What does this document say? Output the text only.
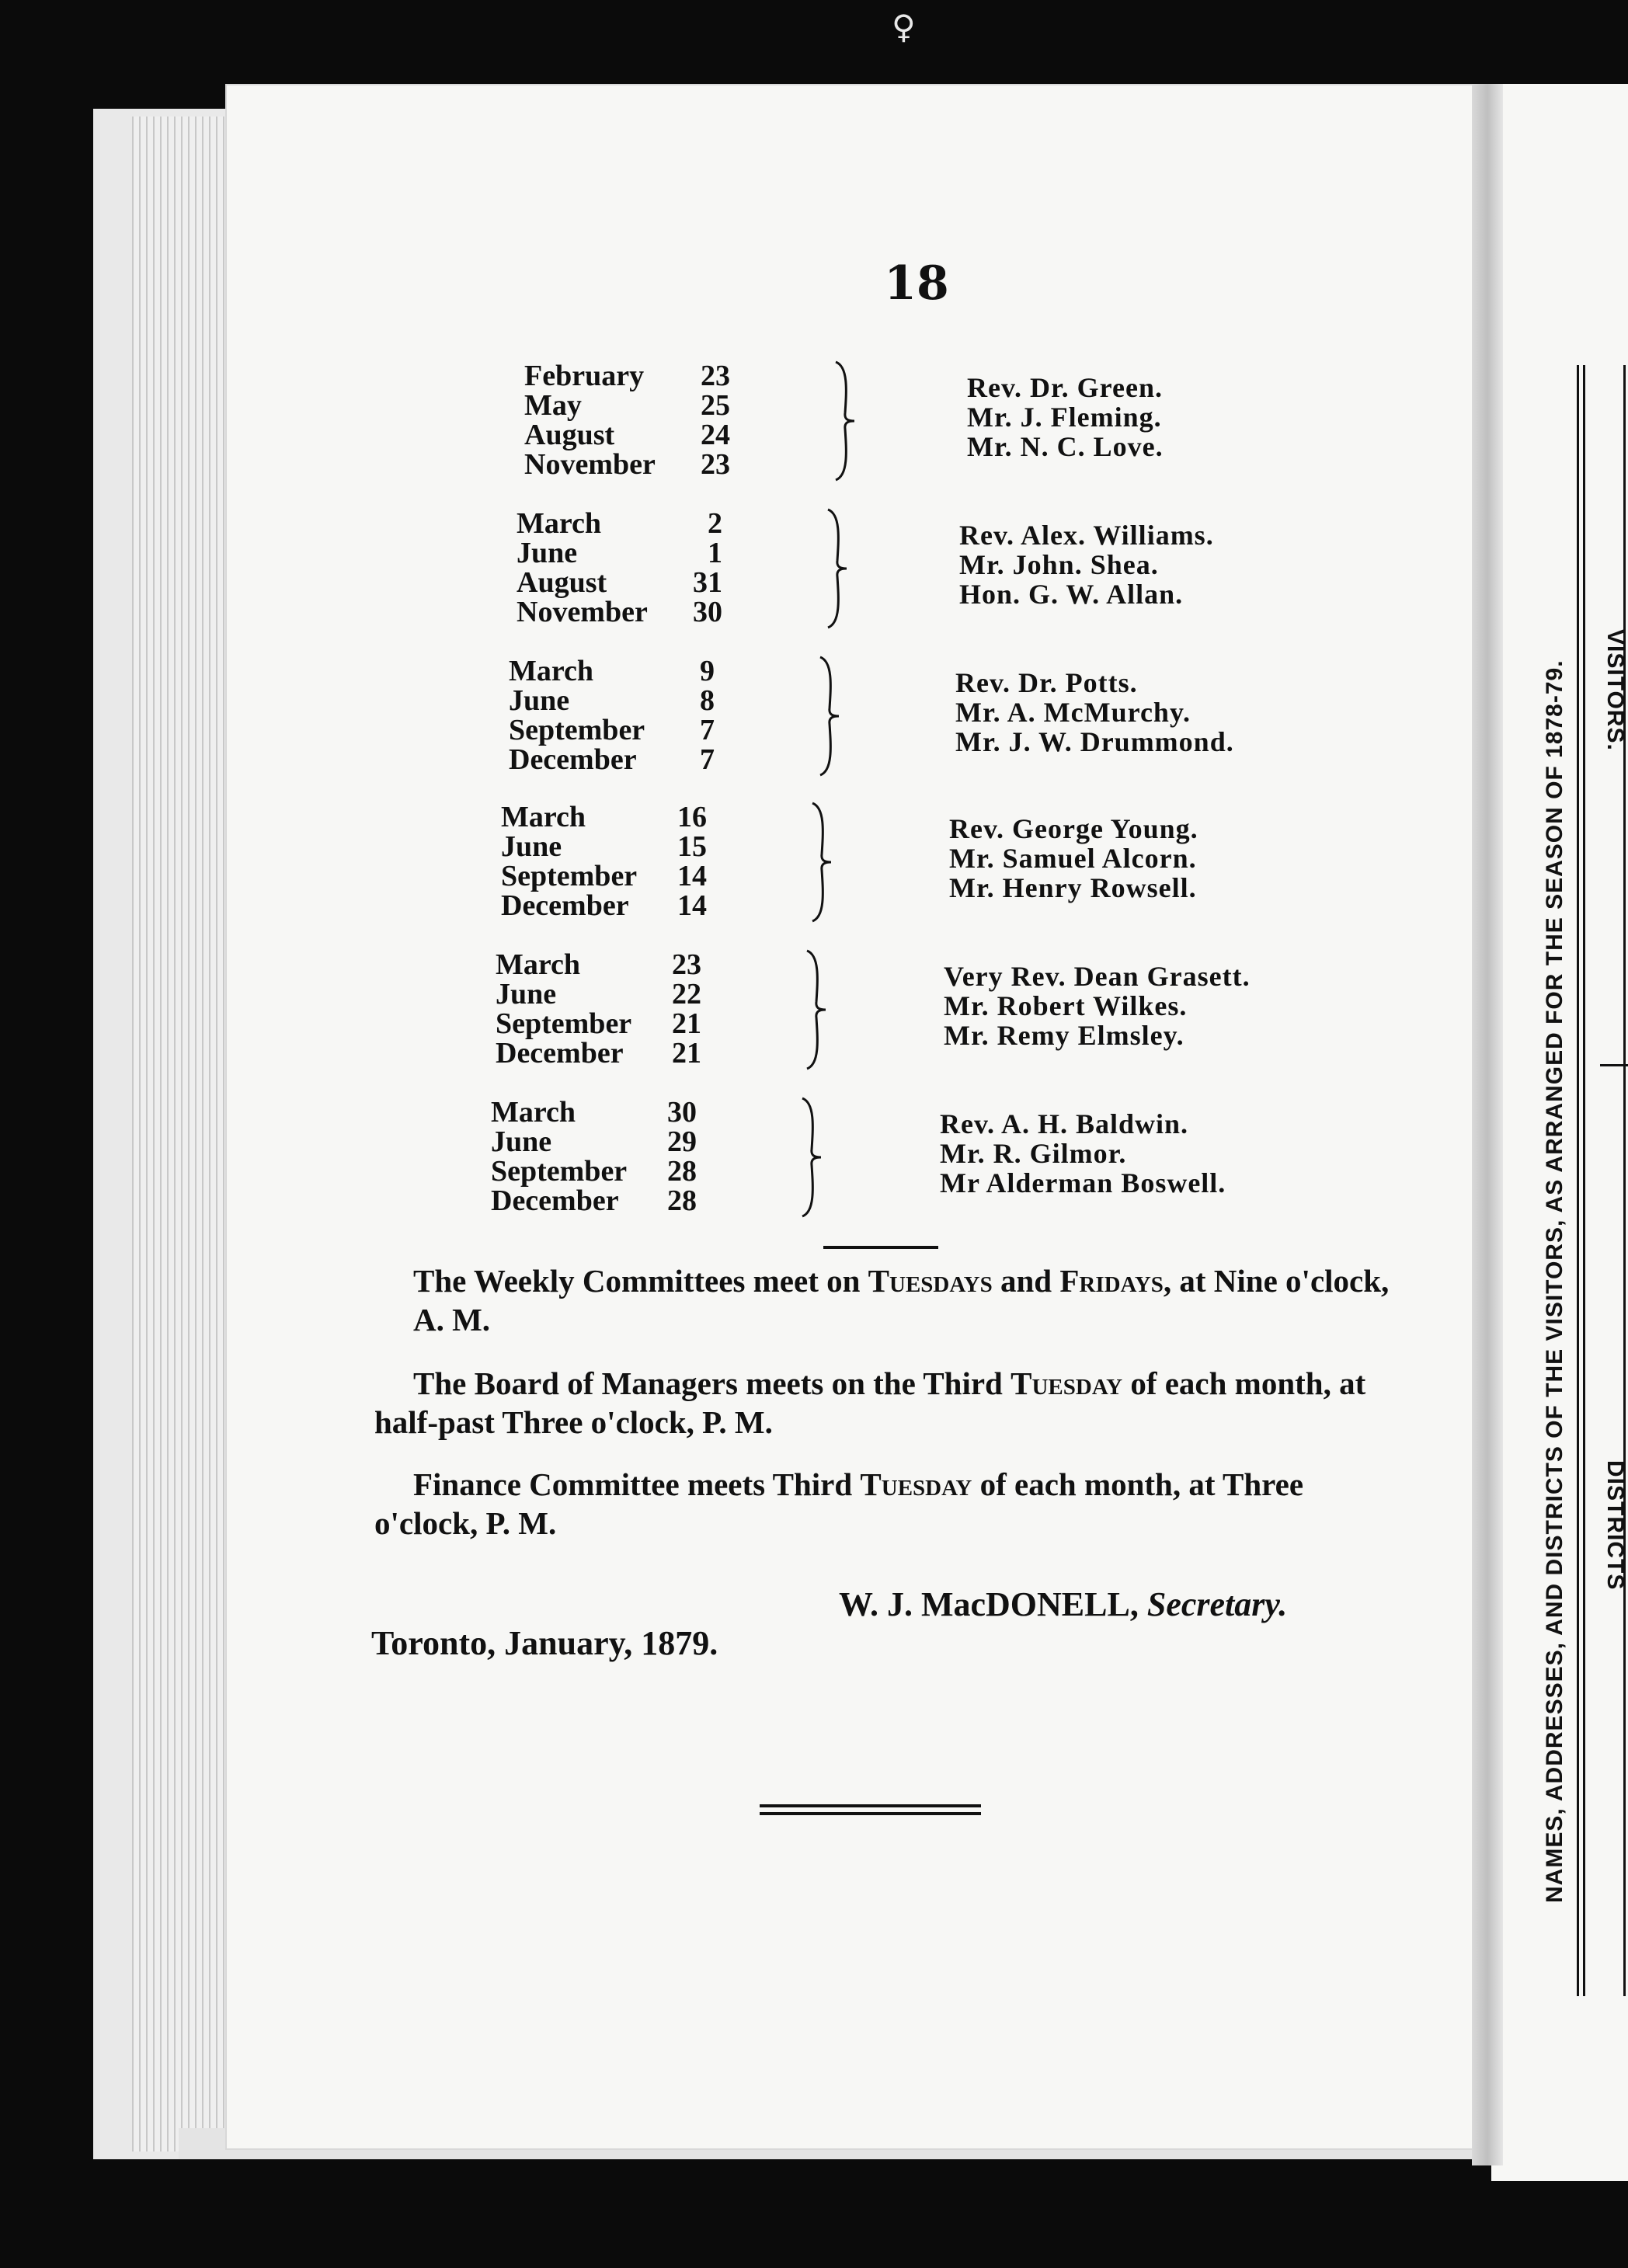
♀
18
February 23
May	25
August	24
November 23
Rev. Dr. Green.
Mr. J. Fleming.
Mr. N. C. Love.
March	2
June	1
August	31
November 30
Rev. Alex. Williams.
Mr. John. Shea.
Hon. G. W. Allan.
March	9
June	8
September 7
December 7
Rev. Dr. Potts.
Mr. A. McMurchy.
Mr. J. W. Drummond.
March	16
June	15
September 14
December 14
Rev. George Young.
Mr. Samuel Alcorn.
Mr. Henry Rowsell.
March	23
June	22
September 21
December 21
Very Rev. Dean Grasett.
Mr. Robert Wilkes.
Mr. Remy Elmsley.
March	30
June	29
September 28
December 28
Rev. A. H. Baldwin.
Mr. R. Gilmor.
Mr Alderman Boswell.
The Weekly Committees meet on Tuesdays and Fridays, at Nine o'clock, A. M.
The Board of Managers meets on the Third Tuesday of each month, at half-past Three o'clock, P. M.
Finance Committee meets Third Tuesday of each month, at Three o'clock, P. M.
W. J. MacDONELL, Secretary.
Toronto, January, 1879.	NAMES, ADDRESSES, AND DISTRICTS OF THE VISITORS, AS ARRANGED FOR THE SEASON OF 1878-79. VISITORS.
DISTRICTS
